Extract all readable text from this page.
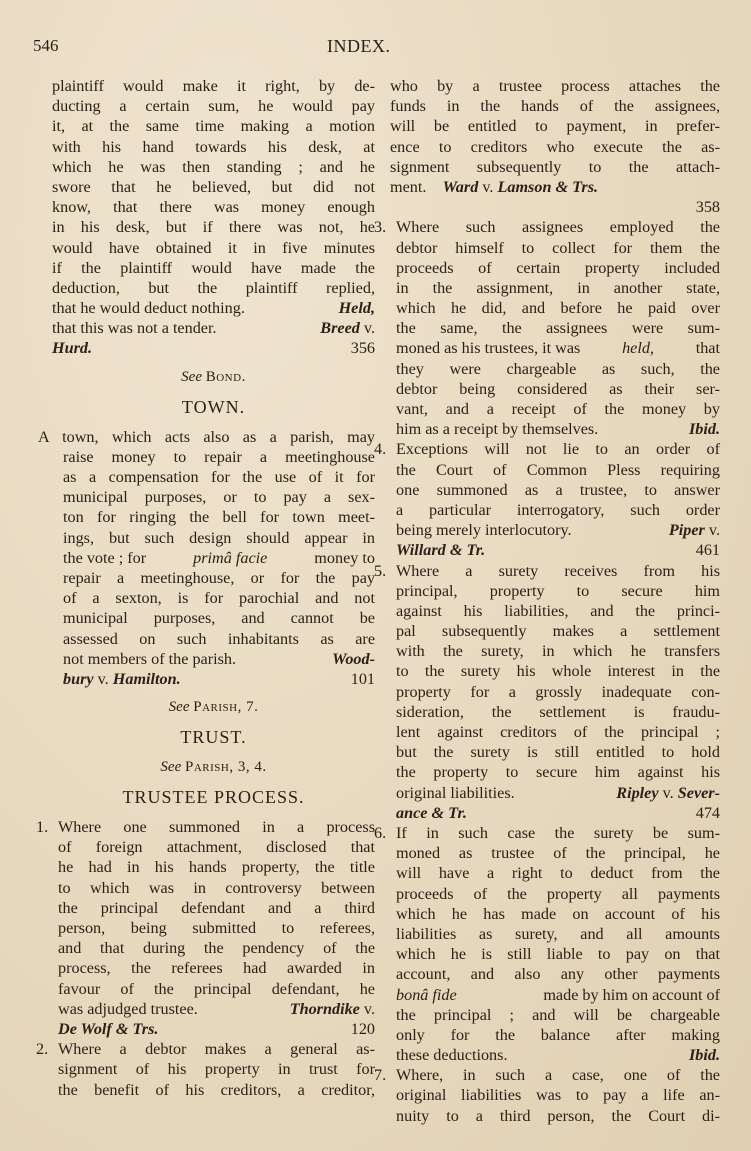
546	INDEX.
plaintiff would make it right, by de-
ducting a certain sum, he would pay
it, at the same time making a motion
with his hand towards his desk, at
which he was then standing ; and he
swore that he believed, but did not
know, that there was money enough
in his desk, but if there was not, he
would have obtained it in five minutes
if the plaintiff would have made the
deduction, but the plaintiff replied,
that he would deduct nothing.	Held,
that this was not a tender.	Breed v.
Hurd.	356
See Bond.
TOWN.
A town, which acts also as a parish, may
raise money to repair a meetinghouse
as a compensation for the use of it for
municipal purposes, or to pay a sex-
ton for ringing the bell for town meet-
ings, but such design should appear in
the vote ; for	primâ facie	money to
repair a meetinghouse, or for the pay
of a sexton, is for parochial and not
municipal purposes, and cannot be
assessed on such inhabitants as are
not members of the parish.	Wood-
bury v. Hamilton.	101
See Parish, 7.
TRUST.
See Parish, 3, 4.
TRUSTEE PROCESS.
1. Where one summoned in a process
of foreign attachment, disclosed that
he had in his hands property, the title
to which was in controversy between
the principal defendant and a third
person, being submitted to referees,
and that during the pendency of the
process, the referees had awarded in
favour of the principal defendant, he
was adjudged trustee.	Thorndike v.
De Wolf & Trs.	120
2. Where a debtor makes a general as-
signment of his property in trust for
the benefit of his creditors, a creditor,
who by a trustee process attaches the
funds in the hands of the assignees,
will be entitled to payment, in prefer-
ence to creditors who execute the as-
signment subsequently to the attach-
ment.
Ward
v.
Lamson & Trs.
358
3. Where such assignees employed the
debtor himself to collect for them the
proceeds of certain property included
in the assignment, in another state,
which he did, and before he paid over
the same, the assignees were sum-
moned as his trustees, it was	held,	that
they were chargeable as such, the
debtor being considered as their ser-
vant, and a receipt of the money by
him as a receipt by themselves.	Ibid.
4. Exceptions will not lie to an order of
the Court of Common Pless requiring
one summoned as a trustee, to answer
a particular interrogatory, such order
being merely interlocutory.	Piper v.
Willard & Tr.	461
5. Where a surety receives from his
principal, property to secure him
against his liabilities, and the princi-
pal subsequently makes a settlement
with the surety, in which he transfers
to the surety his whole interest in the
property for a grossly inadequate con-
sideration, the settlement is fraudu-
lent against creditors of the principal ;
but the surety is still entitled to hold
the property to secure him against his
original liabilities.	Ripley v. Sever-
ance & Tr.	474
6. If in such case the surety be sum-
moned as trustee of the principal, he
will have a right to deduct from the
proceeds of the property all payments
which he has made on account of his
liabilities as surety, and all amounts
which he is still liable to pay on that
account, and also any other payments
bonâ fide	made by him on account of
the principal ; and will be chargeable
only for the balance after making
these deductions.	Ibid.
7. Where, in such a case, one of the
original liabilities was to pay a life an-
nuity to a third person, the Court di-
